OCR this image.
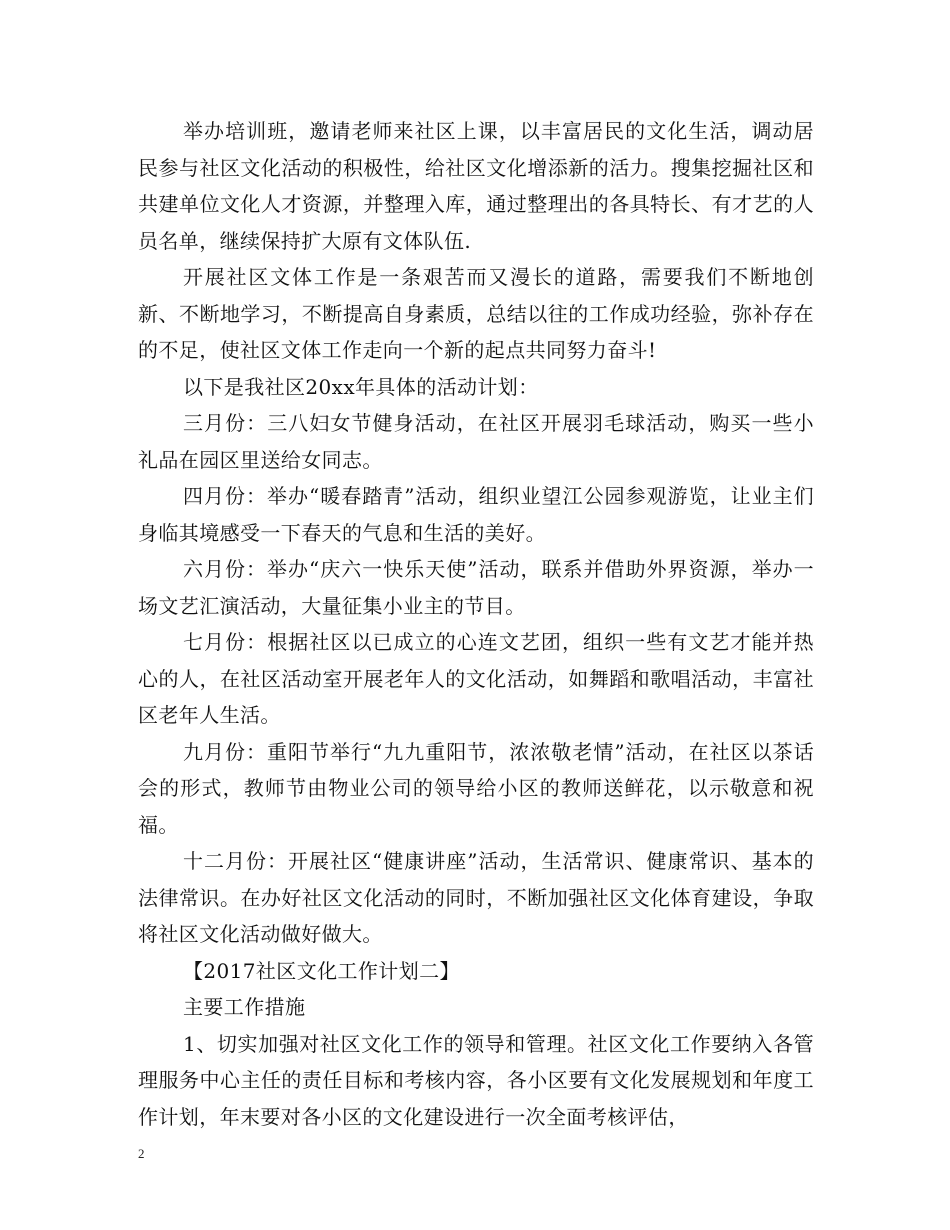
举办培训班，邀请老师来社区上课，以丰富居民的文化生活，调动居民参与社区文化活动的积极性，给社区文化增添新的活力。搜集挖掘社区和共建单位文化人才资源，并整理入库，通过整理出的各具特长、有才艺的人员名单，继续保持扩大原有文体队伍.

开展社区文体工作是一条艰苦而又漫长的道路，需要我们不断地创新、不断地学习，不断提高自身素质，总结以往的工作成功经验，弥补存在的不足，使社区文体工作走向一个新的起点共同努力奋斗!

以下是我社区20xx年具体的活动计划：

三月份：三八妇女节健身活动，在社区开展羽毛球活动，购买一些小礼品在园区里送给女同志。

四月份：举办“暖春踏青”活动，组织业望江公园参观游览，让业主们身临其境感受一下春天的气息和生活的美好。

六月份：举办“庆六一快乐天使”活动，联系并借助外界资源，举办一场文艺汇演活动，大量征集小业主的节目。

七月份：根据社区以已成立的心连文艺团，组织一些有文艺才能并热心的人，在社区活动室开展老年人的文化活动，如舞蹈和歌唱活动，丰富社区老年人生活。

九月份：重阳节举行“九九重阳节，浓浓敬老情”活动，在社区以茶话会的形式，教师节由物业公司的领导给小区的教师送鲜花，以示敬意和祝福。

十二月份：开展社区“健康讲座”活动，生活常识、健康常识、基本的法律常识。在办好社区文化活动的同时，不断加强社区文化体育建设，争取将社区文化活动做好做大。

【2017社区文化工作计划二】

主要工作措施

1、切实加强对社区文化工作的领导和管理。社区文化工作要纳入各管理服务中心主任的责任目标和考核内容，各小区要有文化发展规划和年度工作计划，年末要对各小区的文化建设进行一次全面考核评估，

2
